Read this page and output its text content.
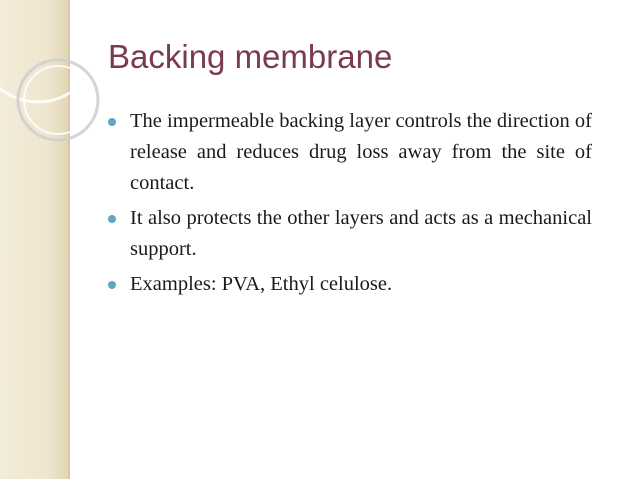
Backing membrane
The impermeable backing layer controls the direction of release and reduces drug loss away from the site of contact.
It also protects the other layers and acts as a mechanical support.
Examples: PVA, Ethyl celulose.
